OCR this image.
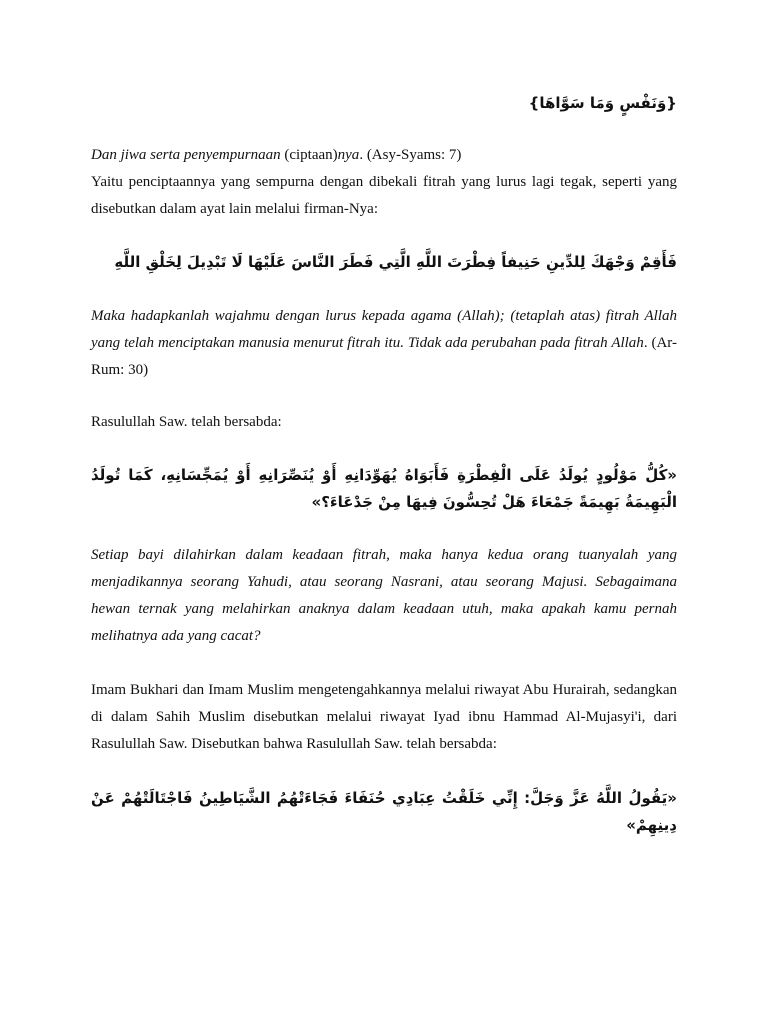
{وَنَفْسٍ وَمَا سَوَّاهَا}

Dan jiwa serta penyempurnaan (ciptaan)nya. (Asy-Syams: 7)

Yaitu penciptaannya yang sempurna dengan dibekali fitrah yang lurus lagi tegak, seperti yang disebutkan dalam ayat lain melalui firman-Nya:

فَأَقِمْ وَجْهَكَ لِلدِّينِ حَنِيفاً فِطْرَتَ اللَّهِ الَّتِي فَطَرَ النَّاسَ عَلَيْهَا لَا تَبْدِيلَ لِخَلْقِ اللَّهِ

Maka hadapkanlah wajahmu dengan lurus kepada agama (Allah); (tetaplah atas) fitrah Allah yang telah menciptakan manusia menurut fitrah itu. Tidak ada perubahan pada fitrah Allah. (Ar-Rum: 30)

Rasulullah Saw. telah bersabda:

«كُلُّ مَوْلُودٍ يُولَدُ عَلَى الْفِطْرَةِ فَأَبَوَاهُ يُهَوِّدَانِهِ أَوْ يُنَصِّرَانِهِ أَوْ يُمَجِّسَانِهِ، كَمَا تُولَدُ الْبَهِيمَةُ بَهِيمَةً جَمْعَاءَ هَلْ تُحِسُّونَ فِيهَا مِنْ جَدْعَاءَ؟»

Setiap bayi dilahirkan dalam keadaan fitrah, maka hanya kedua orang tuanyalah yang menjadikannya seorang Yahudi, atau seorang Nasrani, atau seorang Majusi. Sebagaimana hewan ternak yang melahirkan anaknya dalam keadaan utuh, maka apakah kamu pernah melihatnya ada yang cacat?

Imam Bukhari dan Imam Muslim mengetengahkannya melalui riwayat Abu Hurairah, sedangkan di dalam Sahih Muslim disebutkan melalui riwayat Iyad ibnu Hammad Al-Mujasyi'i, dari Rasulullah Saw. Disebutkan bahwa Rasulullah Saw. telah bersabda:

«يَقُولُ اللَّهُ عَزَّ وَجَلَّ: إِنِّي خَلَقْتُ عِبَادِي حُنَفَاءَ فَجَاءَتْهُمُ الشَّيَاطِينُ فَاجْتَالَتْهُمْ عَنْ دِينِهِمْ»
